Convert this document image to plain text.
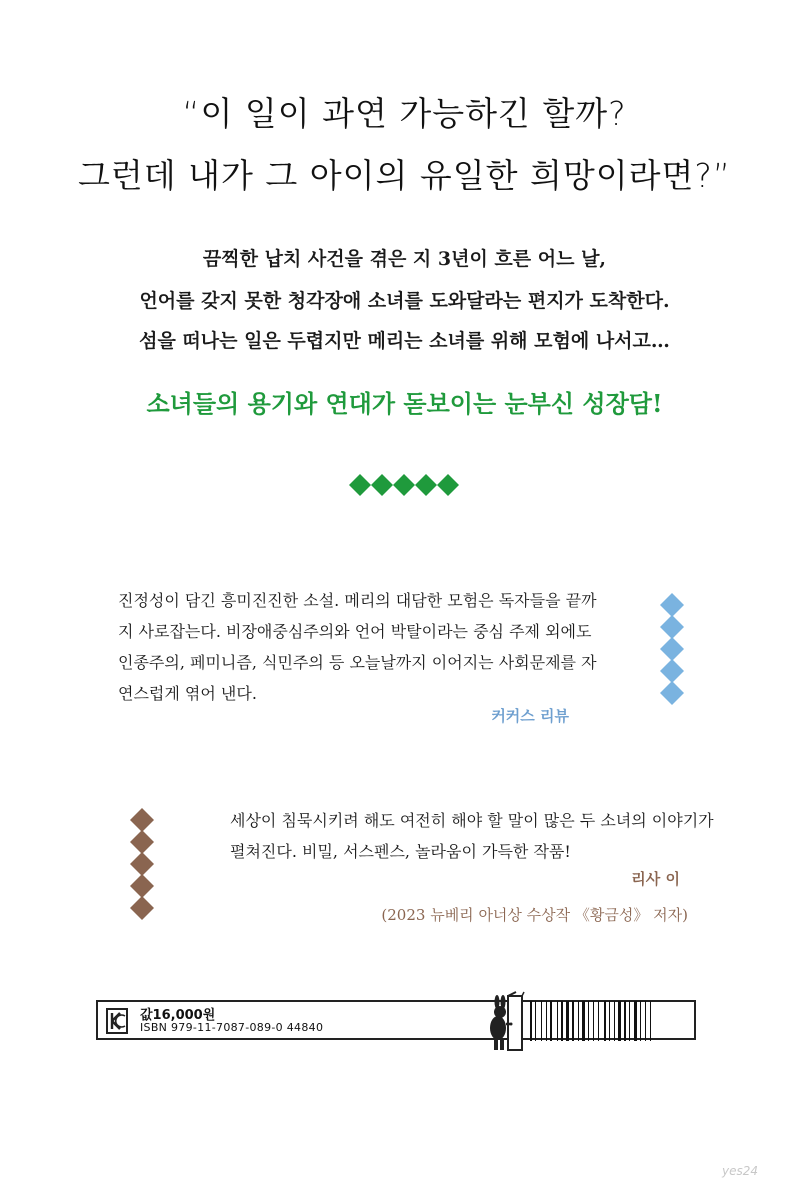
“이 일이 과연 가능하긴 할까?
그런데 내가 그 아이의 유일한 희망이라면?”
끔찍한 납치 사건을 겪은 지 3년이 흐른 어느 날,
언어를 갖지 못한 청각장애 소녀를 도와달라는 편지가 도착한다.
섬을 떠나는 일은 두렵지만 메리는 소녀를 위해 모험에 나서고…
소녀들의 용기와 연대가 돋보이는 눈부신 성장담!
진정성이 담긴 흥미진진한 소설. 메리의 대담한 모험은 독자들을 끝까
지 사로잡는다. 비장애중심주의와 언어 박탈이라는 중심 주제 외에도
인종주의, 페미니즘, 식민주의 등 오늘날까지 이어지는 사회문제를 자
연스럽게 엮어 낸다.
커커스 리뷰
세상이 침묵시키려 해도 여전히 해야 할 말이 많은 두 소녀의 이야기가
펼쳐진다. 비밀, 서스펜스, 놀라움이 가득한 작품!
리사 이
(2023 뉴베리 아너상 수상작 《황금성》 저자)
값16,000원
ISBN 979-11-7087-089-0 44840
yes24
